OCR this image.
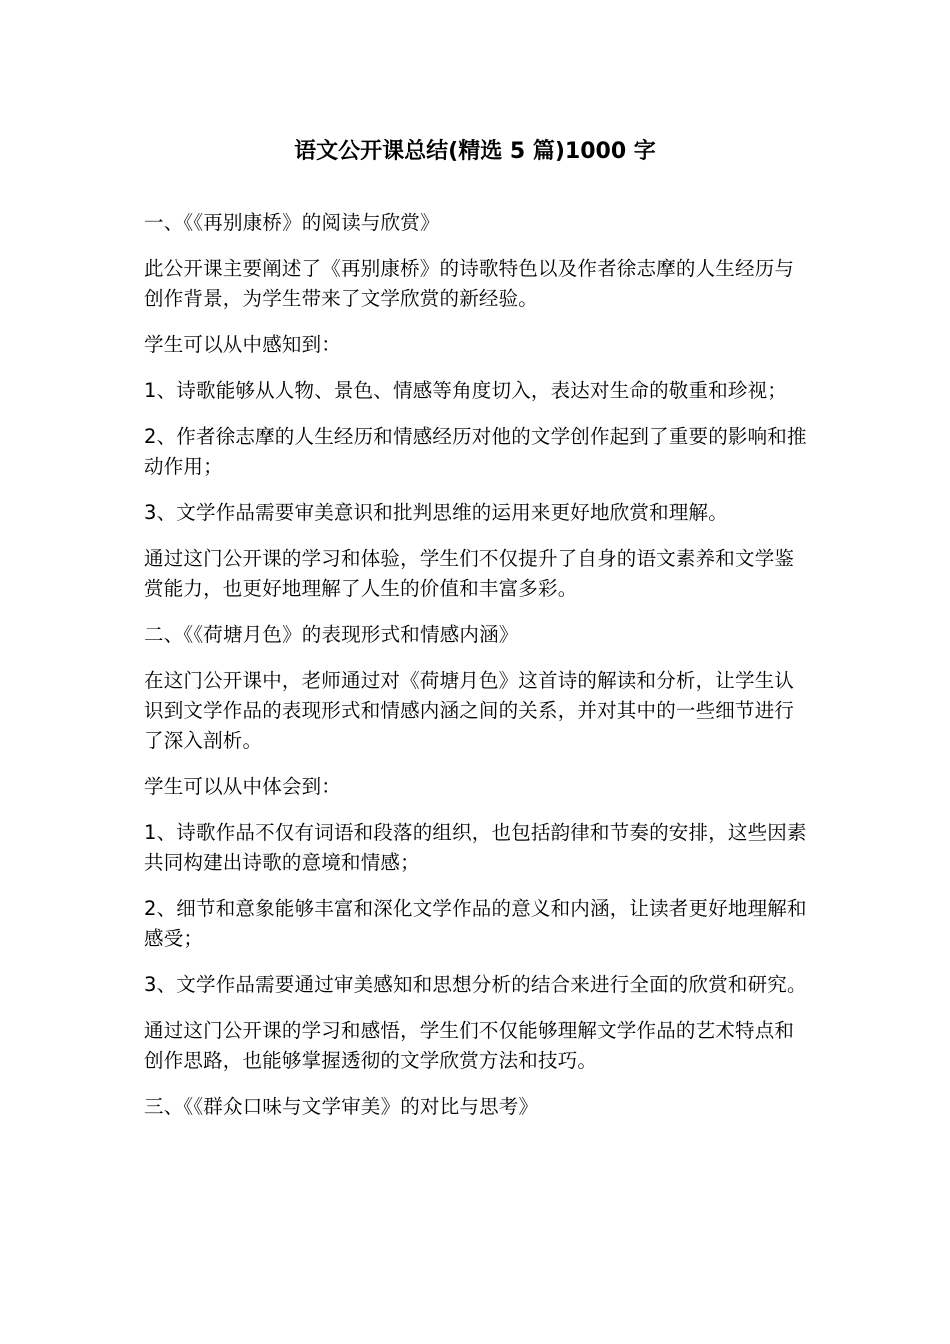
语文公开课总结(精选 5 篇)1000 字

一、《《再别康桥》的阅读与欣赏》

此公开课主要阐述了《再别康桥》的诗歌特色以及作者徐志摩的人生经历与创作背景，为学生带来了文学欣赏的新经验。

学生可以从中感知到：

1、诗歌能够从人物、景色、情感等角度切入，表达对生命的敬重和珍视；

2、作者徐志摩的人生经历和情感经历对他的文学创作起到了重要的影响和推动作用；

3、文学作品需要审美意识和批判思维的运用来更好地欣赏和理解。

通过这门公开课的学习和体验，学生们不仅提升了自身的语文素养和文学鉴赏能力，也更好地理解了人生的价值和丰富多彩。

二、《《荷塘月色》的表现形式和情感内涵》

在这门公开课中，老师通过对《荷塘月色》这首诗的解读和分析，让学生认识到文学作品的表现形式和情感内涵之间的关系，并对其中的一些细节进行了深入剖析。

学生可以从中体会到：

1、诗歌作品不仅有词语和段落的组织，也包括韵律和节奏的安排，这些因素共同构建出诗歌的意境和情感；

2、细节和意象能够丰富和深化文学作品的意义和内涵，让读者更好地理解和感受；

3、文学作品需要通过审美感知和思想分析的结合来进行全面的欣赏和研究。

通过这门公开课的学习和感悟，学生们不仅能够理解文学作品的艺术特点和创作思路，也能够掌握透彻的文学欣赏方法和技巧。

三、《《群众口味与文学审美》的对比与思考》
